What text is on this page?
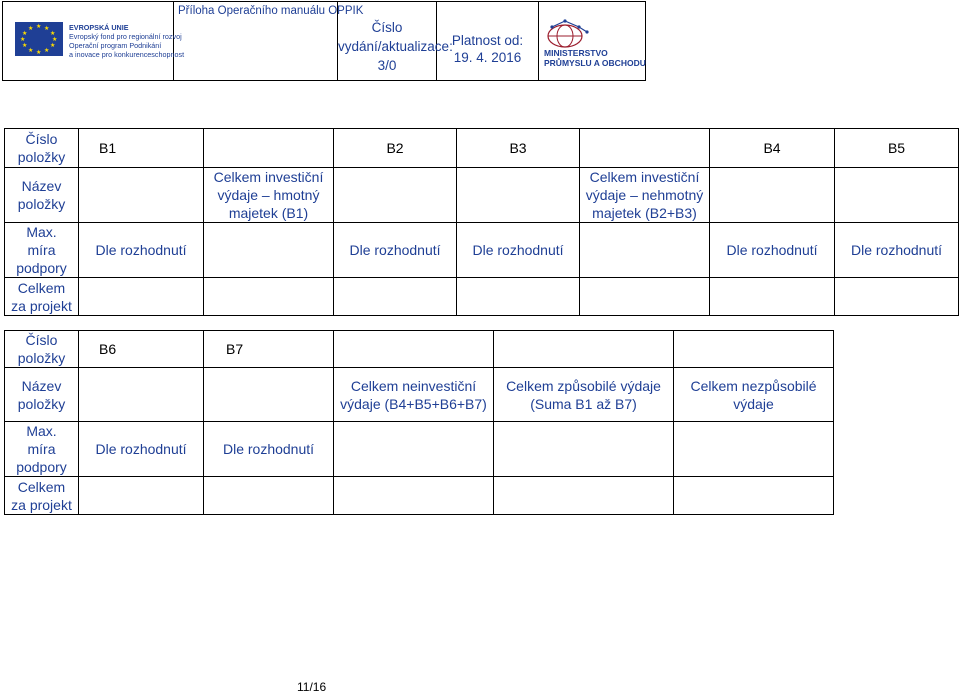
★ ★
★
★
★
★
★
★
★
★
★
★	EVROPSKÁ UNIE
Evropský fond pro regionální rozvoj
Operační program Podnikání
a inovace pro konkurenceschopnost

Příloha Operačního manuálu OPPIK

Číslo
vydání/aktualizace:
3/0

Platnost od:
19. 4. 2016	MINISTERSTVO
PRŮMYSLU A OBCHODU
Číslo
položky	B1		B2	B3		B4	B5
Název
položky		Celkem investiční výdaje – hmotný majetek (B1)			Celkem investiční výdaje – nehmotný majetek (B2+B3)		
Max.
míra
podpory	Dle rozhodnutí		Dle rozhodnutí	Dle rozhodnutí		Dle rozhodnutí	Dle rozhodnutí
Celkem
za projekt							
Číslo
položky	B6	B7			
Název
položky			Celkem neinvestiční výdaje (B4+B5+B6+B7)	Celkem způsobilé výdaje (Suma B1 až B7)	Celkem nezpůsobilé výdaje
Max.
míra
podpory	Dle rozhodnutí	Dle rozhodnutí			
Celkem
za projekt					
11/16
